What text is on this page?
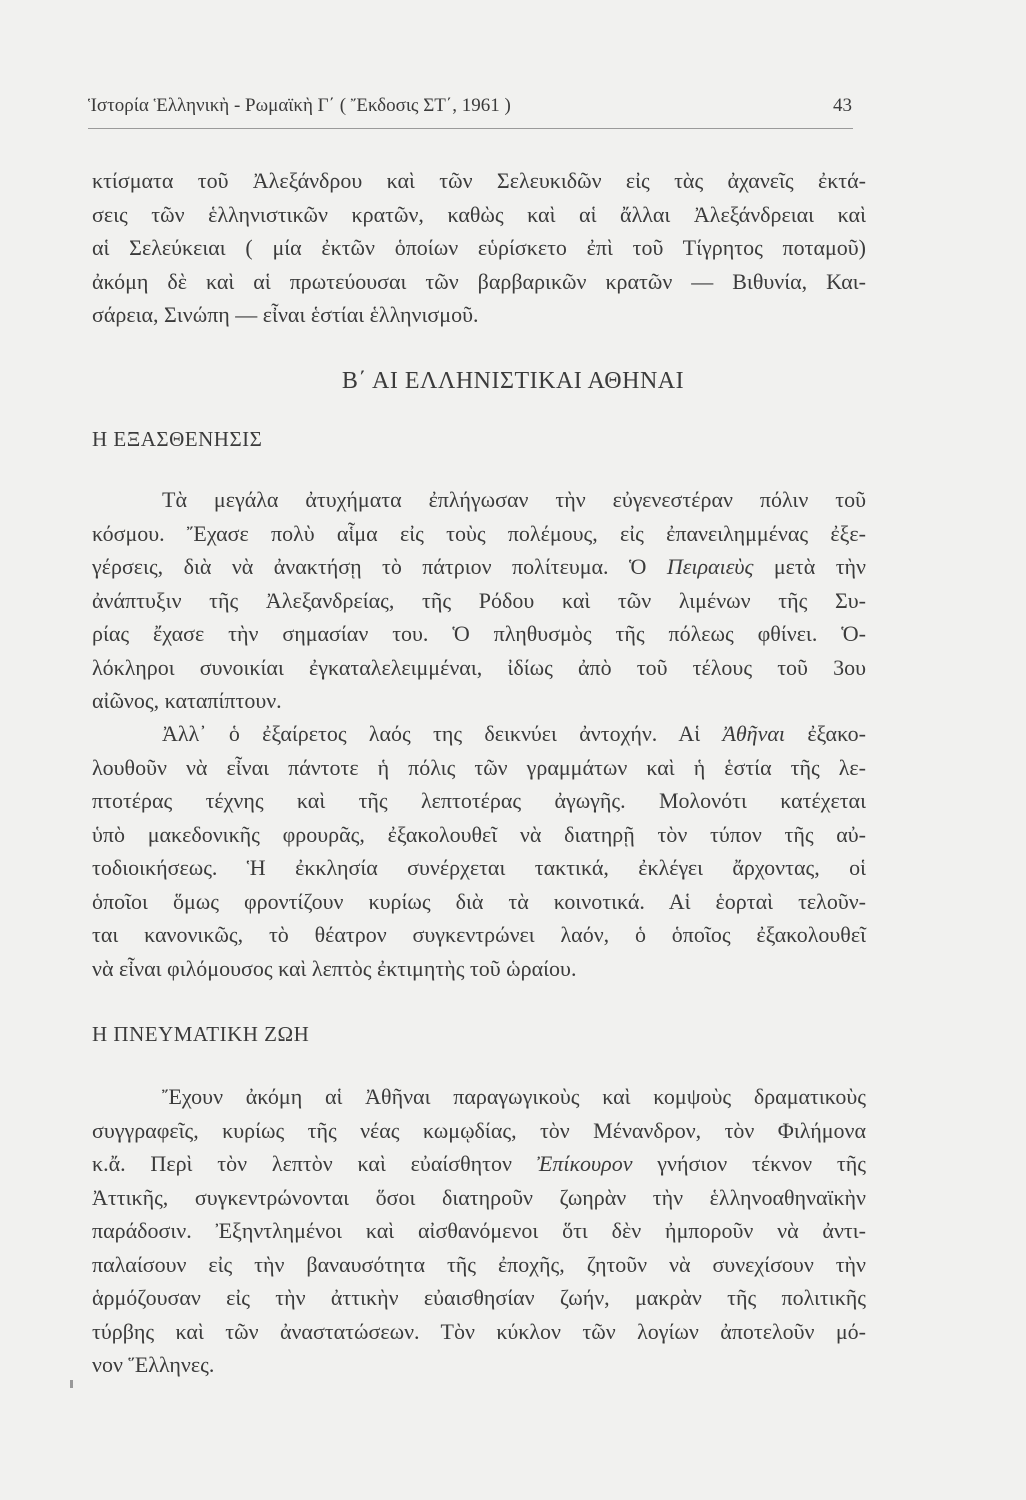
Ἱστορία Ἑλληνικὴ - Ρωμαϊκὴ Γ΄ ( Ἔκδοσις ΣΤ΄, 1961 )	43
κτίσματα τοῦ Ἀλεξάνδρου καὶ τῶν Σελευκιδῶν εἰς τὰς ἀχανεῖς ἐκτά-
σεις τῶν ἑλληνιστικῶν κρατῶν, καθὼς καὶ αἱ ἄλλαι Ἀλεξάνδρειαι καὶ
αἱ Σελεύκειαι ( μία ἐκτῶν ὁποίων εὑρίσκετο ἐπὶ τοῦ Τίγρητος ποταμοῦ)
ἀκόμη δὲ καὶ αἱ πρωτεύουσαι τῶν βαρβαρικῶν κρατῶν — Βιθυνία, Και-
σάρεια, Σινώπη — εἶναι ἑστίαι ἑλληνισμοῦ.
Β΄ ΑΙ ΕΛΛΗΝΙΣΤΙΚΑΙ ΑΘΗΝΑΙ
Η ΕΞΑΣΘΕΝΗΣΙΣ
Τὰ μεγάλα ἀτυχήματα ἐπλήγωσαν τὴν εὐγενεστέραν πόλιν τοῦ
κόσμου. Ἔχασε πολὺ αἷμα εἰς τοὺς πολέμους, εἰς ἐπανειλημμένας ἐξε-
γέρσεις, διὰ νὰ ἀνακτήσῃ τὸ πάτριον πολίτευμα. Ὁ Πειραιεὺς μετὰ τὴν
ἀνάπτυξιν τῆς Ἀλεξανδρείας, τῆς Ρόδου καὶ τῶν λιμένων τῆς Συ-
ρίας ἔχασε τὴν σημασίαν του. Ὁ πληθυσμὸς τῆς πόλεως φθίνει. Ὁ-
λόκληροι συνοικίαι ἐγκαταλελειμμέναι, ἰδίως ἀπὸ τοῦ τέλους τοῦ 3ου
αἰῶνος, καταπίπτουν.
Ἀλλ᾽ ὁ ἐξαίρετος λαός της δεικνύει ἀντοχήν. Αἱ Ἀθῆναι ἐξακο-
λουθοῦν νὰ εἶναι πάντοτε ἡ πόλις τῶν γραμμάτων καὶ ἡ ἑστία τῆς λε-
πτοτέρας τέχνης καὶ τῆς λεπτοτέρας ἀγωγῆς. Μολονότι κατέχεται
ὑπὸ μακεδονικῆς φρουρᾶς, ἐξακολουθεῖ νὰ διατηρῇ τὸν τύπον τῆς αὐ-
τοδιοικήσεως. Ἡ ἐκκλησία συνέρχεται τακτικά, ἐκλέγει ἄρχοντας, οἱ
ὁποῖοι ὅμως φροντίζουν κυρίως διὰ τὰ κοινοτικά. Αἱ ἑορταὶ τελοῦν-
ται κανονικῶς, τὸ θέατρον συγκεντρώνει λαόν, ὁ ὁποῖος ἐξακολουθεῖ
νὰ εἶναι φιλόμουσος καὶ λεπτὸς ἐκτιμητὴς τοῦ ὡραίου.
Η ΠΝΕΥΜΑΤΙΚΗ ΖΩΗ
Ἔχουν ἀκόμη αἱ Ἀθῆναι παραγωγικοὺς καὶ κομψοὺς δραματικοὺς
συγγραφεῖς, κυρίως τῆς νέας κωμῳδίας, τὸν Μένανδρον, τὸν Φιλήμονα
κ.ἄ. Περὶ τὸν λεπτὸν καὶ εὐαίσθητον Ἐπίκουρον γνήσιον τέκνον τῆς
Ἀττικῆς, συγκεντρώνονται ὅσοι διατηροῦν ζωηρὰν τὴν ἑλληνοαθηναϊκὴν
παράδοσιν. Ἐξηντλημένοι καὶ αἰσθανόμενοι ὅτι δὲν ἠμποροῦν νὰ ἀντι-
παλαίσουν εἰς τὴν βαναυσότητα τῆς ἐποχῆς, ζητοῦν νὰ συνεχίσουν τὴν
ἁρμόζουσαν εἰς τὴν ἀττικὴν εὐαισθησίαν ζωήν, μακρὰν τῆς πολιτικῆς
τύρβης καὶ τῶν ἀναστατώσεων. Τὸν κύκλον τῶν λογίων ἀποτελοῦν μό-
νον Ἕλληνες.
